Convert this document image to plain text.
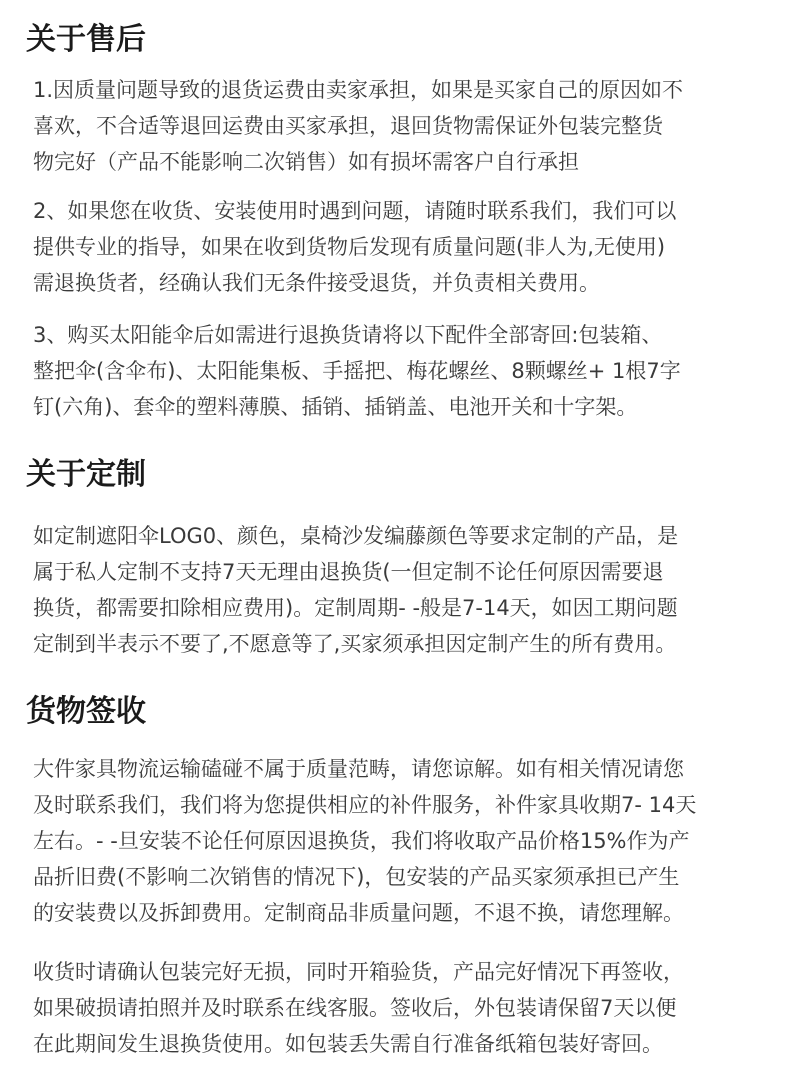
关于售后
1.因质量问题导致的退货运费由卖家承担，如果是买家自己的原因如不
喜欢，不合适等退回运费由买家承担，退回货物需保证外包装完整货
物完好（产品不能影响二次销售）如有损坏需客户自行承担
2、如果您在收货、安装使用时遇到问题，请随时联系我们，我们可以
提供专业的指导，如果在收到货物后发现有质量问题(非人为,无使用)
需退换货者，经确认我们无条件接受退货，并负责相关费用。
3、购买太阳能伞后如需进行退换货请将以下配件全部寄回:包装箱、
整把伞(含伞布)、太阳能集板、手摇把、梅花螺丝、8颗螺丝+ 1根7字
钉(六角)、套伞的塑料薄膜、插销、插销盖、电池开关和十字架。
关于定制
如定制遮阳伞LOG0、颜色，桌椅沙发编藤颜色等要求定制的产品，是
属于私人定制不支持7天无理由退换货(一但定制不论任何原因需要退
换货，都需要扣除相应费用)。定制周期- -般是7-14天，如因工期问题
定制到半表示不要了,不愿意等了,买家须承担因定制产生的所有费用。
货物签收
大件家具物流运输磕碰不属于质量范畴，请您谅解。如有相关情况请您
及时联系我们，我们将为您提供相应的补件服务，补件家具收期7- 14天
左右。- -旦安装不论任何原因退换货，我们将收取产品价格15%作为产
品折旧费(不影响二次销售的情况下)，包安装的产品买家须承担已产生
的安装费以及拆卸费用。定制商品非质量问题，不退不换，请您理解。
收货时请确认包装完好无损，同时开箱验货，产品完好情况下再签收，
如果破损请拍照并及时联系在线客服。签收后，外包装请保留7天以便
在此期间发生退换货使用。如包装丢失需自行准备纸箱包装好寄回。
